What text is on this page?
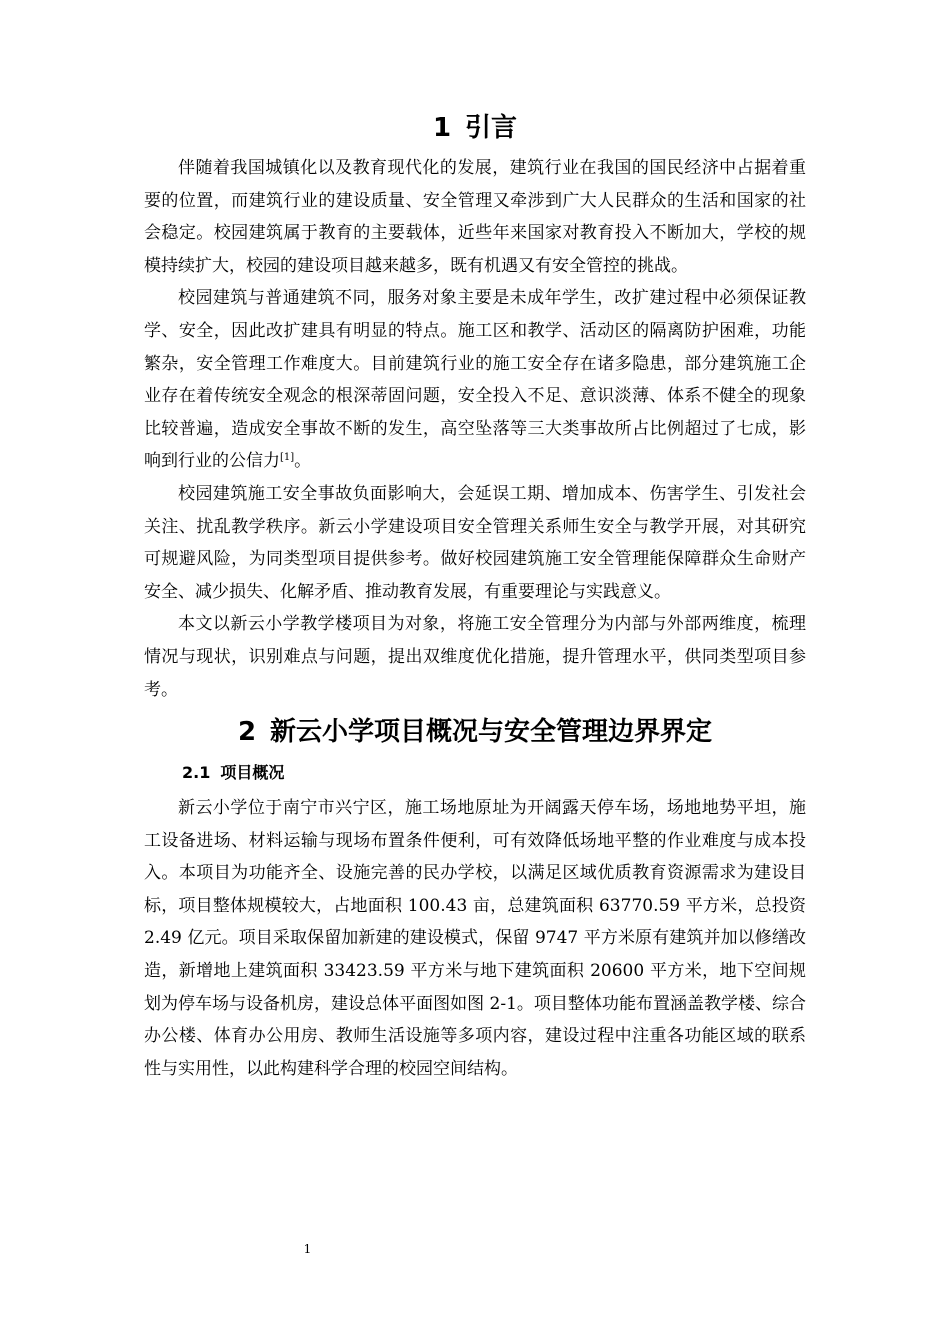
1 引言

伴随着我国城镇化以及教育现代化的发展，建筑行业在我国的国民经济中占据着重要的位置，而建筑行业的建设质量、安全管理又牵涉到广大人民群众的生活和国家的社会稳定。校园建筑属于教育的主要载体，近些年来国家对教育投入不断加大，学校的规模持续扩大，校园的建设项目越来越多，既有机遇又有安全管控的挑战。

校园建筑与普通建筑不同，服务对象主要是未成年学生，改扩建过程中必须保证教学、安全，因此改扩建具有明显的特点。施工区和教学、活动区的隔离防护困难，功能繁杂，安全管理工作难度大。目前建筑行业的施工安全存在诸多隐患，部分建筑施工企业存在着传统安全观念的根深蒂固问题，安全投入不足、意识淡薄、体系不健全的现象比较普遍，造成安全事故不断的发生，高空坠落等三大类事故所占比例超过了七成，影响到行业的公信力[1]。

校园建筑施工安全事故负面影响大，会延误工期、增加成本、伤害学生、引发社会关注、扰乱教学秩序。新云小学建设项目安全管理关系师生安全与教学开展，对其研究可规避风险，为同类型项目提供参考。做好校园建筑施工安全管理能保障群众生命财产安全、减少损失、化解矛盾、推动教育发展，有重要理论与实践意义。

本文以新云小学教学楼项目为对象，将施工安全管理分为内部与外部两维度，梳理情况与现状，识别难点与问题，提出双维度优化措施，提升管理水平，供同类型项目参考。

2 新云小学项目概况与安全管理边界界定
2.1 项目概况

新云小学位于南宁市兴宁区，施工场地原址为开阔露天停车场，场地地势平坦，施工设备进场、材料运输与现场布置条件便利，可有效降低场地平整的作业难度与成本投入。本项目为功能齐全、设施完善的民办学校，以满足区域优质教育资源需求为建设目标，项目整体规模较大，占地面积 100.43 亩，总建筑面积 63770.59 平方米，总投资 2.49 亿元。项目采取保留加新建的建设模式，保留 9747 平方米原有建筑并加以修缮改造，新增地上建筑面积 33423.59 平方米与地下建筑面积 20600 平方米，地下空间规划为停车场与设备机房，建设总体平面图如图 2-1。项目整体功能布置涵盖教学楼、综合办公楼、体育办公用房、教师生活设施等多项内容，建设过程中注重各功能区域的联系性与实用性，以此构建科学合理的校园空间结构。

1
